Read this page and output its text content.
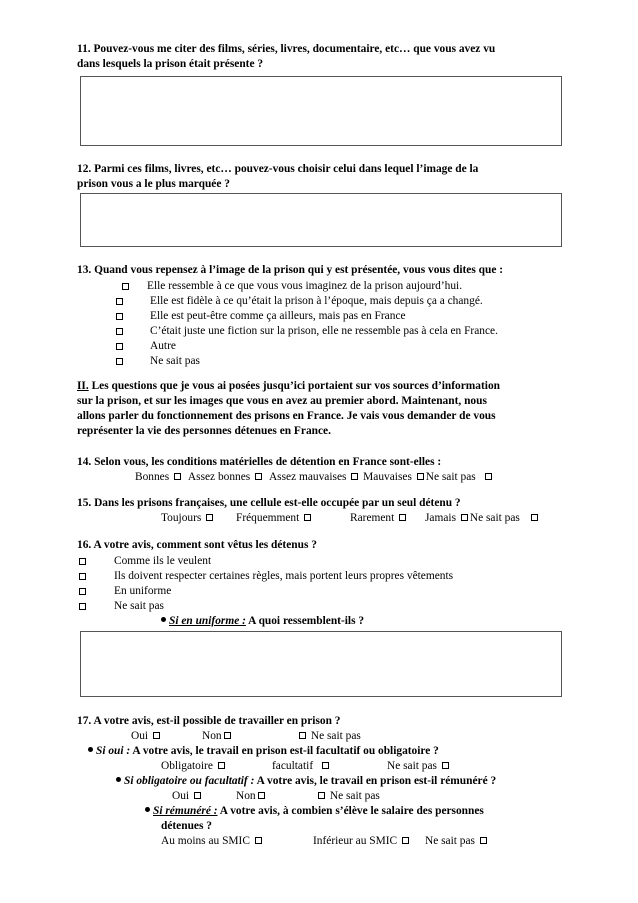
11. Pouvez-vous me citer des films, séries, livres, documentaire, etc… que vous avez vu
dans lesquels la prison était présente ?
12. Parmi ces films, livres, etc… pouvez-vous choisir celui dans lequel l’image de la
prison vous a le plus marquée ?
13. Quand vous repensez à l’image de la prison qui y est présentée, vous vous dites que :
Elle ressemble à ce que vous vous imaginez de la prison aujourd’hui.
Elle est fidèle à ce qu’était la prison à l’époque, mais depuis ça a changé.
Elle est peut-être comme ça ailleurs, mais pas en France
C’était juste une fiction sur la prison, elle ne ressemble pas à cela en France.
Autre
Ne sait pas
II. Les questions que je vous ai posées jusqu’ici portaient sur vos sources d’information
sur la prison, et sur les images que vous en avez au premier abord. Maintenant, nous
allons parler du fonctionnement des prisons en France. Je vais vous demander de vous
représenter la vie des personnes détenues en France.
14. Selon vous, les conditions matérielles de détention en France sont-elles :
Bonnes Assez bonnes Assez mauvaises Mauvaises Ne sait pas
15. Dans les prisons françaises, une cellule est-elle occupée par un seul détenu ?
Toujours	Fréquemment	Rarement	Jamais Ne sait pas
16. A votre avis, comment sont vêtus les détenus ?
Comme ils le veulent
Ils doivent respecter certaines règles, mais portent leurs propres vêtements
En uniforme
Ne sait pas
Si en uniforme : A quoi ressemblent-ils ?
17. A votre avis, est-il possible de travailler en prison ?
Oui	Non	Ne sait pas
Si oui : A votre avis, le travail en prison est-il facultatif ou obligatoire ?
Obligatoire	facultatif	Ne sait pas
Si obligatoire ou facultatif : A votre avis, le travail en prison est-il rémunéré ?
Oui	Non	Ne sait pas
Si rémunéré : A votre avis, à combien s’élève le salaire des personnes
détenues ?
Au moins au SMIC	Inférieur au SMIC	Ne sait pas
